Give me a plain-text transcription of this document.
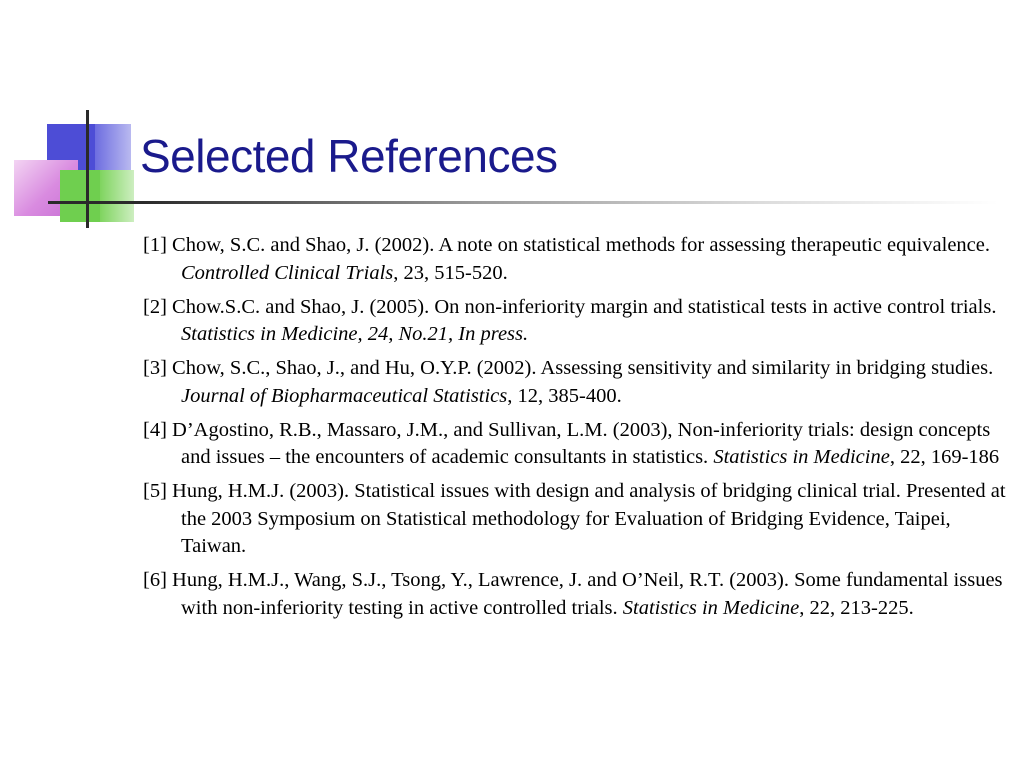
Selected References
[1] Chow, S.C. and Shao, J. (2002). A note on statistical methods for assessing therapeutic equivalence. Controlled Clinical Trials, 23, 515-520.
[2] Chow.S.C. and Shao, J. (2005). On non-inferiority margin and statistical tests in active control trials. Statistics in Medicine, 24, No.21, In press.
[3] Chow, S.C., Shao, J., and Hu, O.Y.P. (2002). Assessing sensitivity and similarity in bridging studies. Journal of Biopharmaceutical Statistics, 12, 385-400.
[4] D’Agostino, R.B., Massaro, J.M., and Sullivan, L.M. (2003), Non-inferiority trials: design concepts and issues – the encounters of academic consultants in statistics. Statistics in Medicine, 22, 169-186
[5] Hung, H.M.J. (2003). Statistical issues with design and analysis of bridging clinical trial. Presented at the 2003 Symposium on Statistical methodology for Evaluation of Bridging Evidence, Taipei, Taiwan.
[6] Hung, H.M.J., Wang, S.J., Tsong, Y., Lawrence, J. and O’Neil, R.T. (2003). Some fundamental issues with non-inferiority testing in active controlled trials. Statistics in Medicine, 22, 213-225.
